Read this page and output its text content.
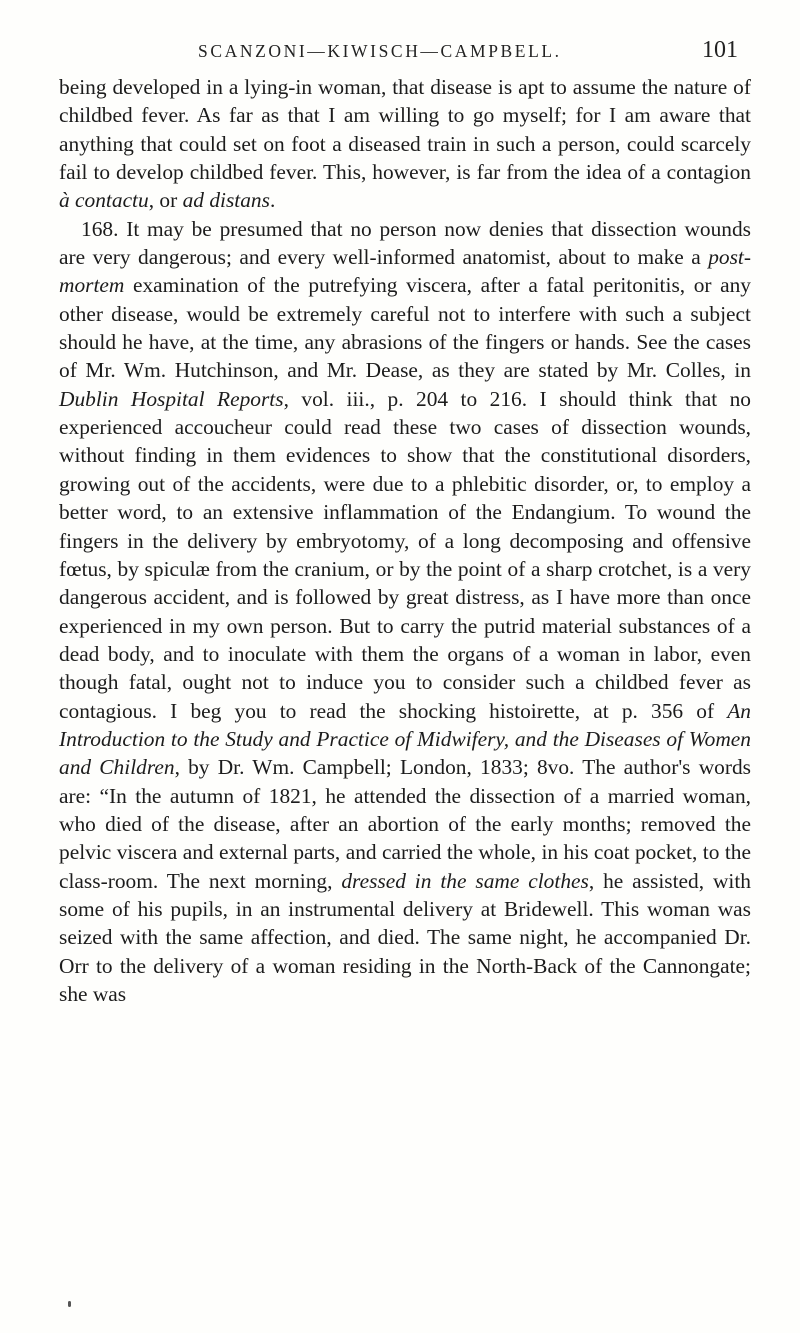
SCANZONI—KIWISCH—CAMPBELL.	101

being developed in a lying-in woman, that disease is apt to assume the nature of childbed fever. As far as that I am willing to go myself; for I am aware that anything that could set on foot a diseased train in such a person, could scarcely fail to develop childbed fever. This, however, is far from the idea of a contagion à contactu, or ad distans.

168. It may be presumed that no person now denies that dissection wounds are very dangerous; and every well-informed anatomist, about to make a post-mortem examination of the putrefying viscera, after a fatal peritonitis, or any other disease, would be extremely careful not to interfere with such a subject should he have, at the time, any abrasions of the fingers or hands. See the cases of Mr. Wm. Hutchinson, and Mr. Dease, as they are stated by Mr. Colles, in Dublin Hospital Reports, vol. iii., p. 204 to 216. I should think that no experienced accoucheur could read these two cases of dissection wounds, without finding in them evidences to show that the constitutional disorders, growing out of the accidents, were due to a phlebitic disorder, or, to employ a better word, to an extensive inflammation of the Endangium. To wound the fingers in the delivery by embryotomy, of a long decomposing and offensive fœtus, by spiculæ from the cranium, or by the point of a sharp crotchet, is a very dangerous accident, and is followed by great distress, as I have more than once experienced in my own person. But to carry the putrid material substances of a dead body, and to inoculate with them the organs of a woman in labor, even though fatal, ought not to induce you to consider such a childbed fever as contagious. I beg you to read the shocking histoirette, at p. 356 of An Introduction to the Study and Practice of Midwifery, and the Diseases of Women and Children, by Dr. Wm. Campbell; London, 1833; 8vo. The author's words are: “In the autumn of 1821, he attended the dissection of a married woman, who died of the disease, after an abortion of the early months; removed the pelvic viscera and external parts, and carried the whole, in his coat pocket, to the class-room. The next morning, dressed in the same clothes, he assisted, with some of his pupils, in an instrumental delivery at Bridewell. This woman was seized with the same affection, and died. The same night, he accompanied Dr. Orr to the delivery of a woman residing in the North-Back of the Cannongate; she was
